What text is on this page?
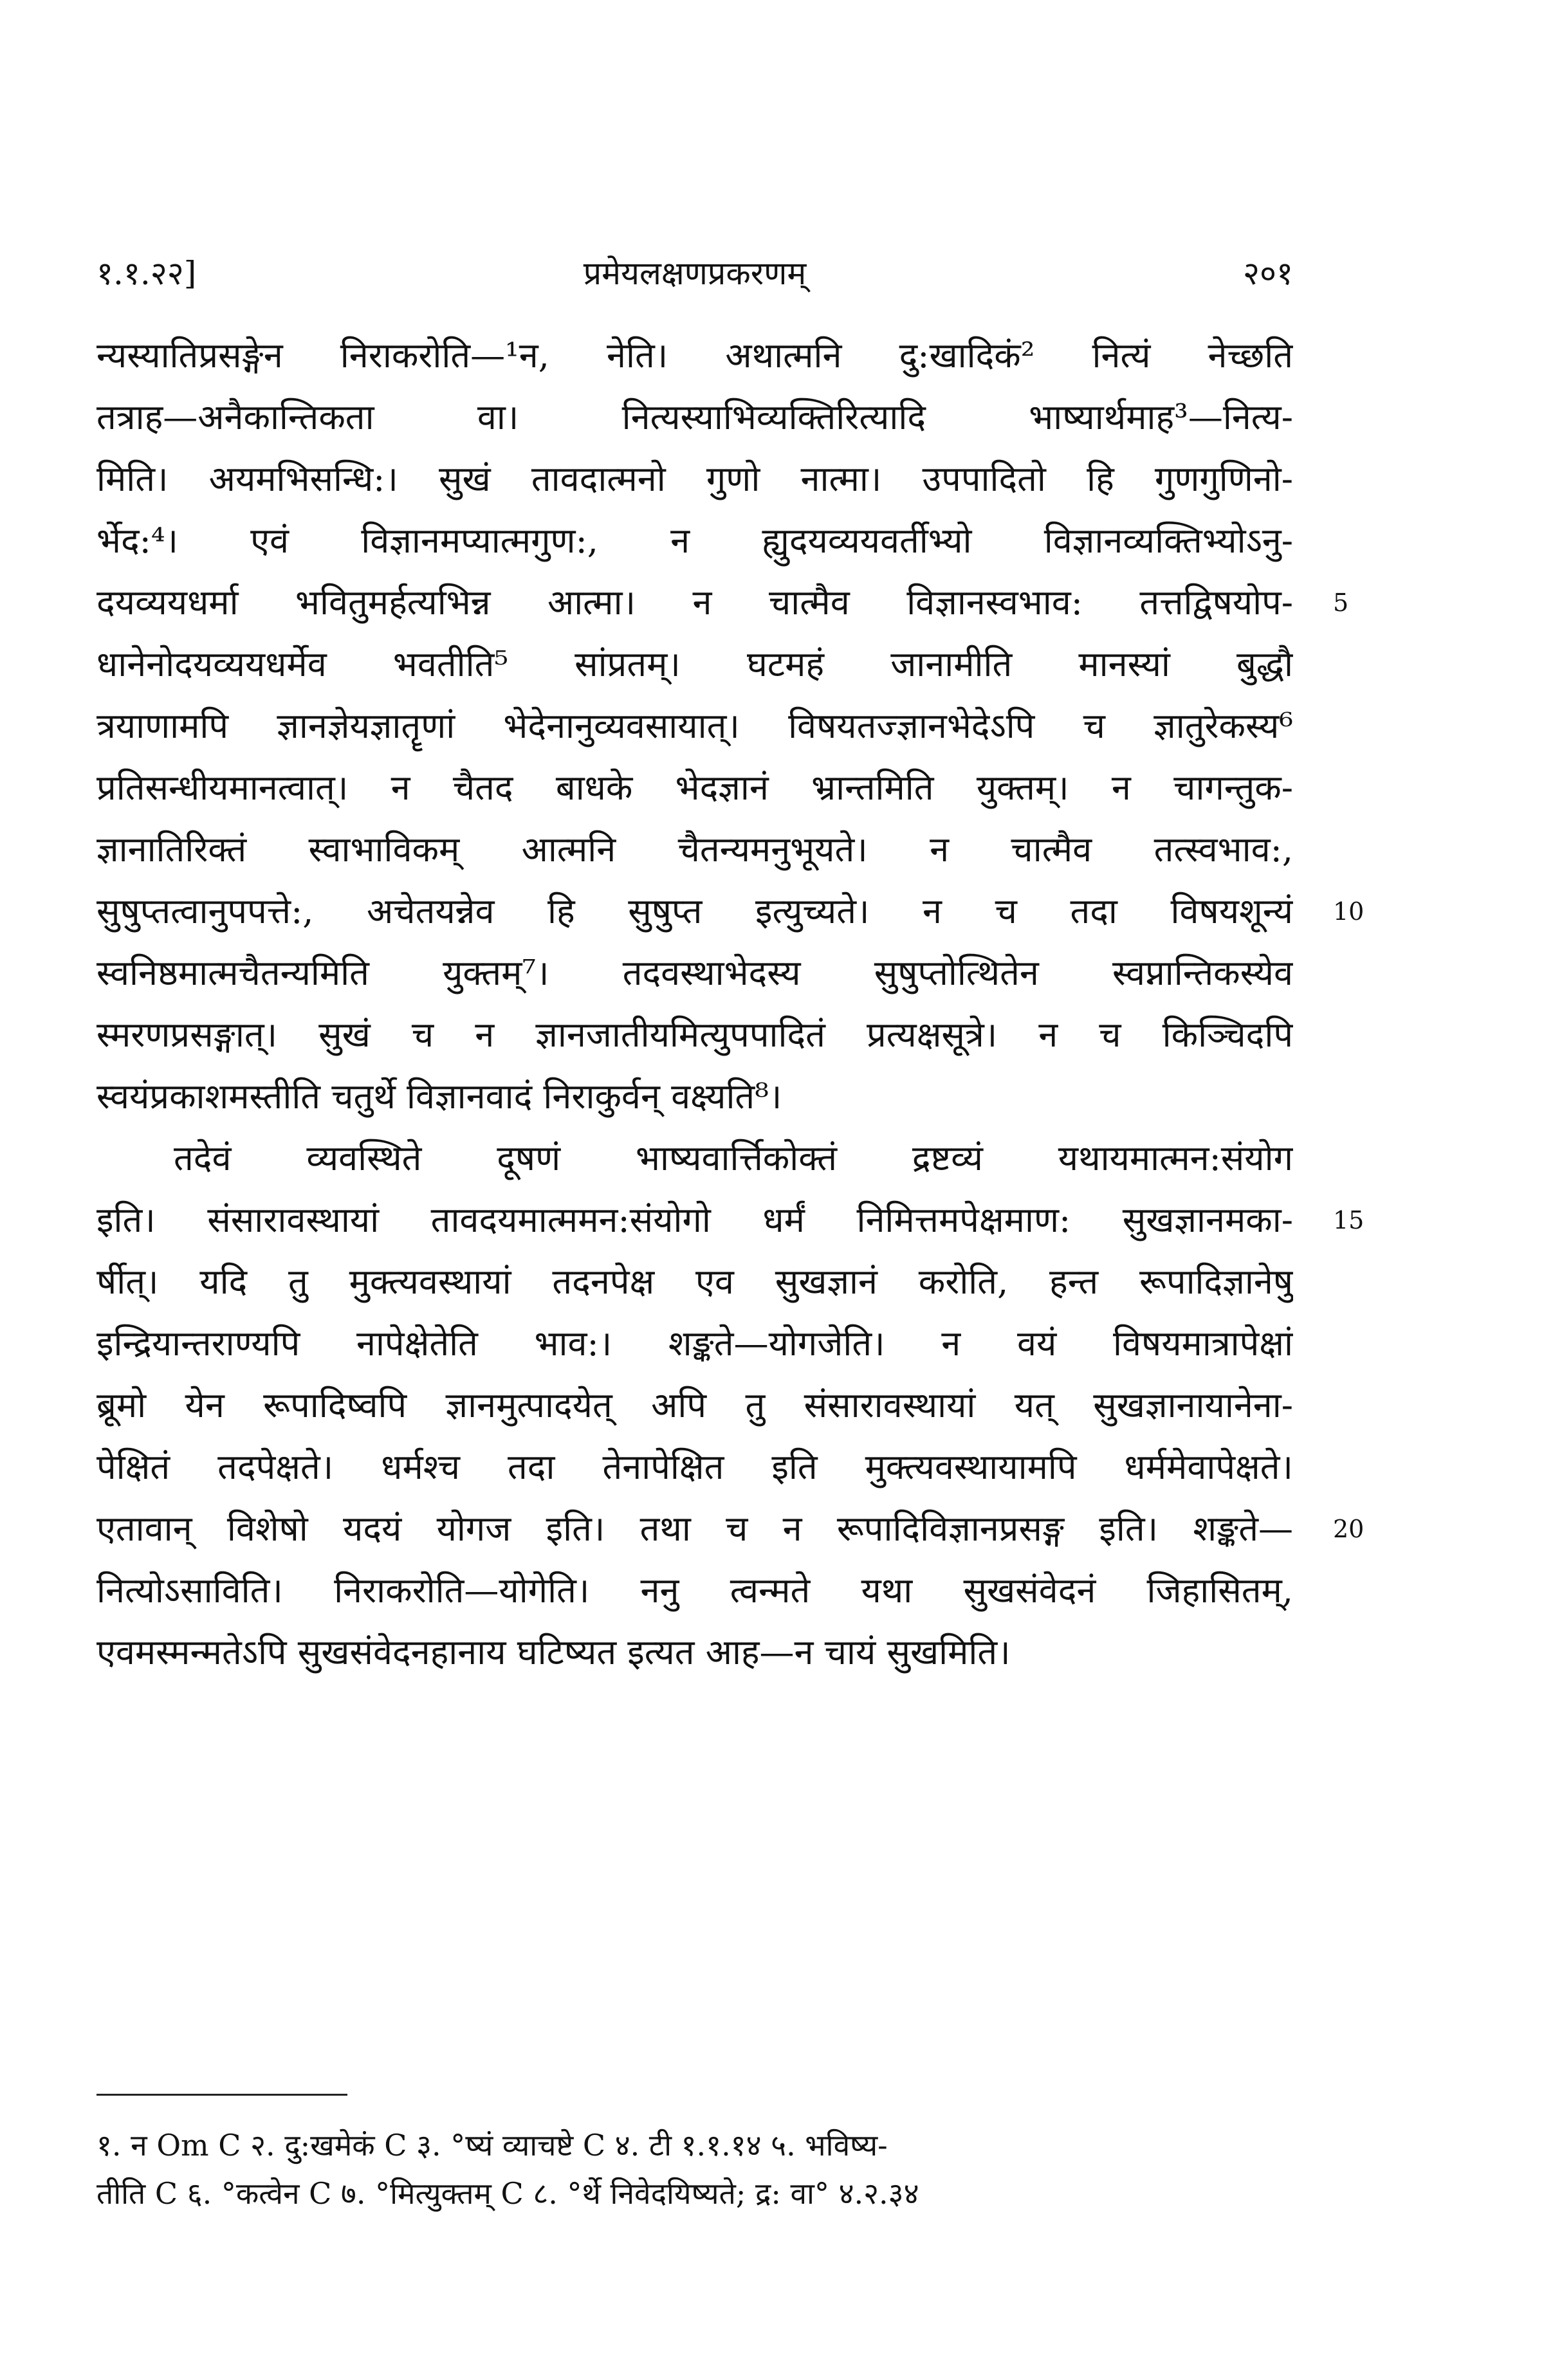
१.१.२२]	प्रमेयलक्षणप्रकरणम्	२०१
न्यस्यातिप्रसङ्गेन निराकरोति—¹न, नेति। अथात्मनि दु:खादिकं² नित्यं नेच्छति
तत्राह—अनैकान्तिकता वा। नित्यस्याभिव्यक्तिरित्यादि भाष्यार्थमाह³—नित्य-
मिति। अयमभिसन्धि:। सुखं तावदात्मनो गुणो नात्मा। उपपादितो हि गुणगुणिनो-
र्भेद:⁴। एवं विज्ञानमप्यात्मगुण:, न ह्युदयव्ययवर्तीभ्यो विज्ञानव्यक्तिभ्योऽनु-
दयव्ययधर्मा भवितुमर्हत्यभिन्न आत्मा। न चात्मैव विज्ञानस्वभाव: तत्तद्विषयोप-
धानेनोदयव्ययधर्मेव भवतीति⁵ सांप्रतम्। घटमहं जानामीति मानस्यां बुद्धौ
त्रयाणामपि ज्ञानज्ञेयज्ञातॄणां भेदेनानुव्यवसायात्। विषयतज्ज्ञानभेदेऽपि च ज्ञातुरेकस्य⁶
प्रतिसन्धीयमानत्वात्। न चैतद बाधके भेदज्ञानं भ्रान्तमिति युक्तम्। न चागन्तुक-
ज्ञानातिरिक्तं स्वाभाविकम् आत्मनि चैतन्यमनुभूयते। न चात्मैव तत्स्वभाव:,
सुषुप्तत्वानुपपत्ते:, अचेतयन्नेव हि सुषुप्त इत्युच्यते। न च तदा विषयशून्यं
स्वनिष्ठमात्मचैतन्यमिति युक्तम्⁷। तदवस्थाभेदस्य सुषुप्तोत्थितेन स्वप्नान्तिकस्येव
स्मरणप्रसङ्गात्। सुखं च न ज्ञानजातीयमित्युपपादितं प्रत्यक्षसूत्रे। न च किञ्चिदपि
स्वयंप्रकाशमस्तीति चतुर्थे विज्ञानवादं निराकुर्वन् वक्ष्यति⁸।
तदेवं व्यवस्थिते दूषणं भाष्यवार्त्तिकोक्तं द्रष्टव्यं यथायमात्मन:संयोग
इति। संसारावस्थायां तावदयमात्ममन:संयोगो धर्मं निमित्तमपेक्षमाण: सुखज्ञानमका-
र्षीत्। यदि तु मुक्त्यवस्थायां तदनपेक्ष एव सुखज्ञानं करोति, हन्त रूपादिज्ञानेषु
इन्द्रियान्तराण्यपि नापेक्षेतेति भाव:। शङ्कते—योगजेति। न वयं विषयमात्रापेक्षां
ब्रूमो येन रूपादिष्वपि ज्ञानमुत्पादयेत् अपि तु संसारावस्थायां यत् सुखज्ञानायानेना-
पेक्षितं तदपेक्षते। धर्मश्च तदा तेनापेक्षित इति मुक्त्यवस्थायामपि धर्ममेवापेक्षते।
एतावान् विशेषो यदयं योगज इति। तथा च न रूपादिविज्ञानप्रसङ्ग इति। शङ्कते—
नित्योऽसाविति। निराकरोति—योगेति। ननु त्वन्मते यथा सुखसंवेदनं जिहासितम्,
एवमस्मन्मतेऽपि सुखसंवेदनहानाय घटिष्यत इत्यत आह—न चायं सुखमिति।
5
10
15
20
१. न Om C २. दु:खमेकं C ३. °ष्यं व्याचष्टे C ४. टी १.१.१४ ५. भविष्य-
तीति C ६. °कत्वेन C ७. °मित्युक्तम् C ८. °र्थे निवेदयिष्यते; द्र: वा° ४.२.३४
